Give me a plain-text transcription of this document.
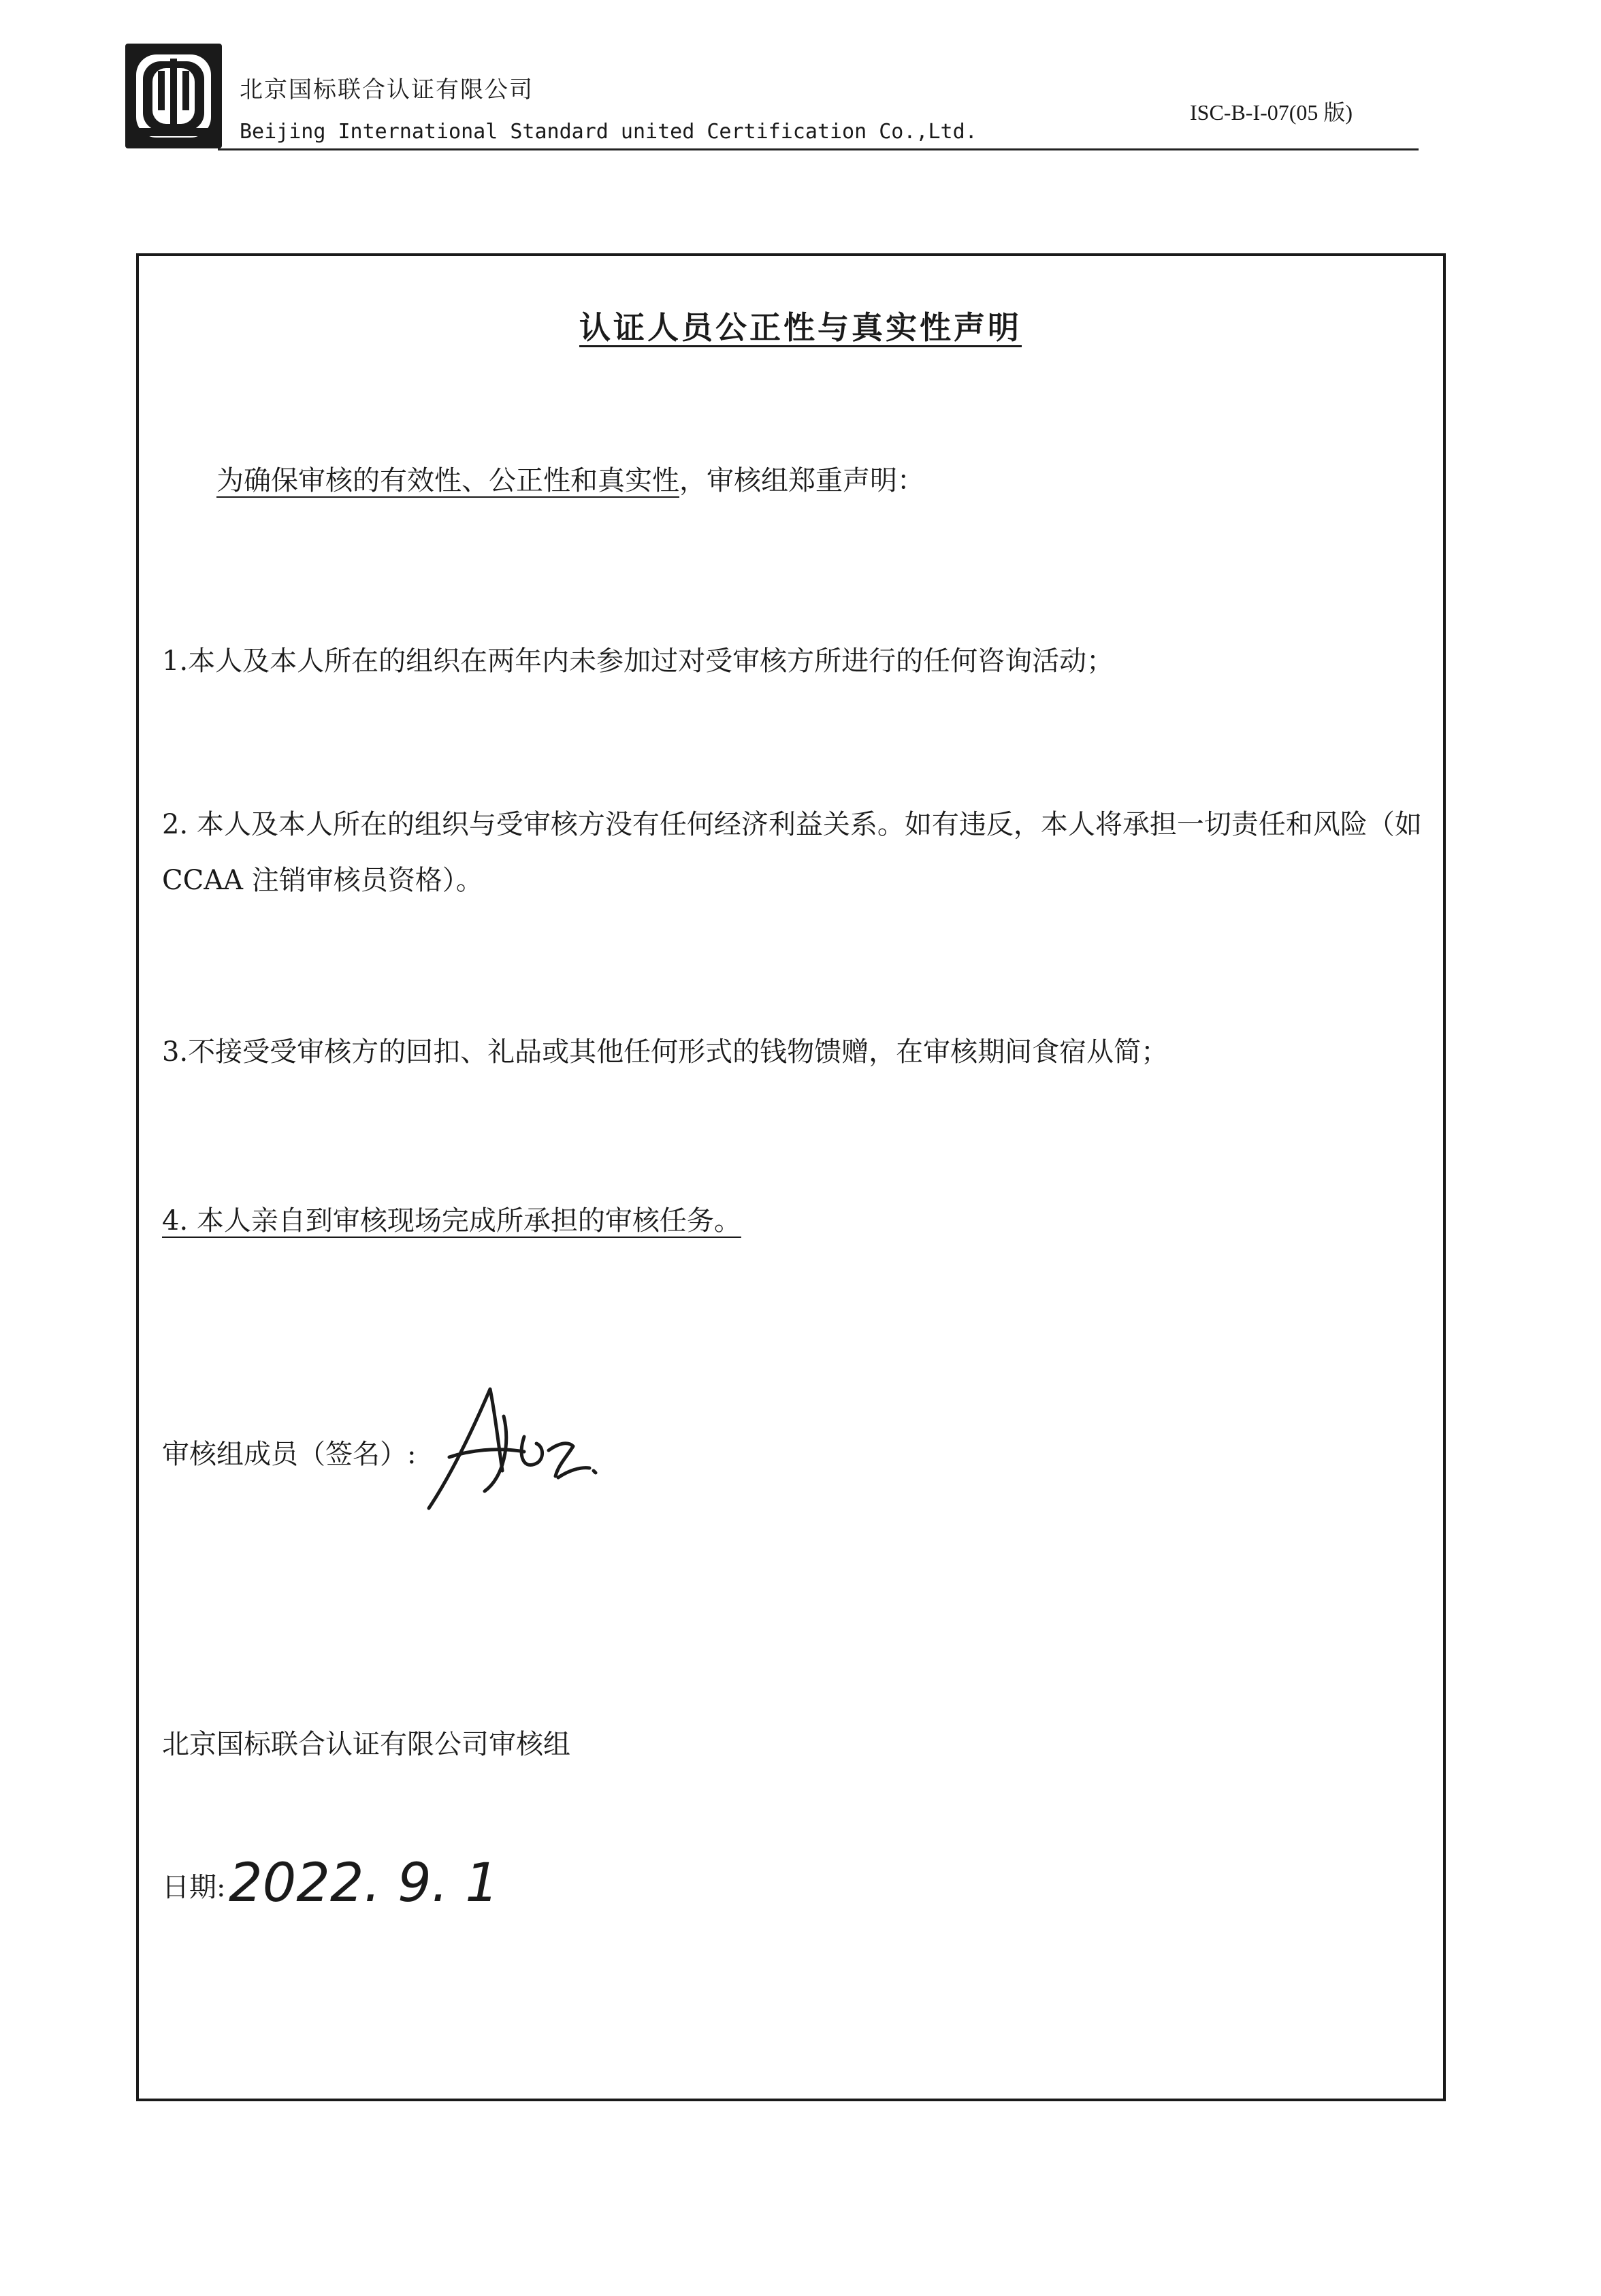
北京国标联合认证有限公司
Beijing International Standard united Certification Co.,Ltd.
ISC-B-I-07(05 版)
认证人员公正性与真实性声明
为确保审核的有效性、公正性和真实性，审核组郑重声明：
1.本人及本人所在的组织在两年内未参加过对受审核方所进行的任何咨询活动；
2. 本人及本人所在的组织与受审核方没有任何经济利益关系。如有违反，本人将承担一切责任和风险（如 CCAA 注销审核员资格）。
3.不接受受审核方的回扣、礼品或其他任何形式的钱物馈赠，在审核期间食宿从简；
4. 本人亲自到审核现场完成所承担的审核任务。
审核组成员（签名）:
北京国标联合认证有限公司审核组
日期: 2022. 9. 1
